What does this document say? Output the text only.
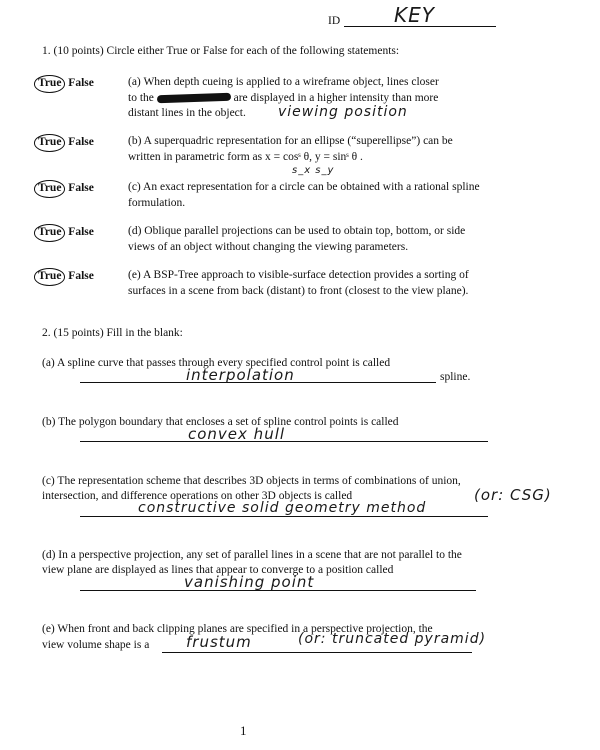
ID	KEY
1. (10 points) Circle either True or False for each of the following statements:
True False	(a) When depth cueing is applied to a wireframe object, lines closer
to the	are displayed in a higher intensity than more
distant lines in the object.	viewing position
True False	(b) A superquadric representation for an ellipse (“superellipse”) can be
written in parametric form as x = cosˢ θ, y = sinˢ θ .
s_x s_y
True False	(c) An exact representation for a circle can be obtained with a rational spline
formulation.
True False	(d) Oblique parallel projections can be used to obtain top, bottom, or side
views of an object without changing the viewing parameters.
True False	(e) A BSP-Tree approach to visible-surface detection provides a sorting of
surfaces in a scene from back (distant) to front (closest to the view plane).
2. (15 points) Fill in the blank:
(a) A spline curve that passes through every specified control point is called
interpolation	spline.
(b) The polygon boundary that encloses a set of spline control points is called
convex hull
(c) The representation scheme that describes 3D objects in terms of combinations of union,
intersection, and difference operations on other 3D objects is called
constructive solid geometry method
(or: CSG)
(d) In a perspective projection, any set of parallel lines in a scene that are not parallel to the
view plane are displayed as lines that appear to converge to a position called
vanishing point
(e) When front and back clipping planes are specified in a perspective projection, the
view volume shape is a frustum	(or: truncated pyramid)
1
